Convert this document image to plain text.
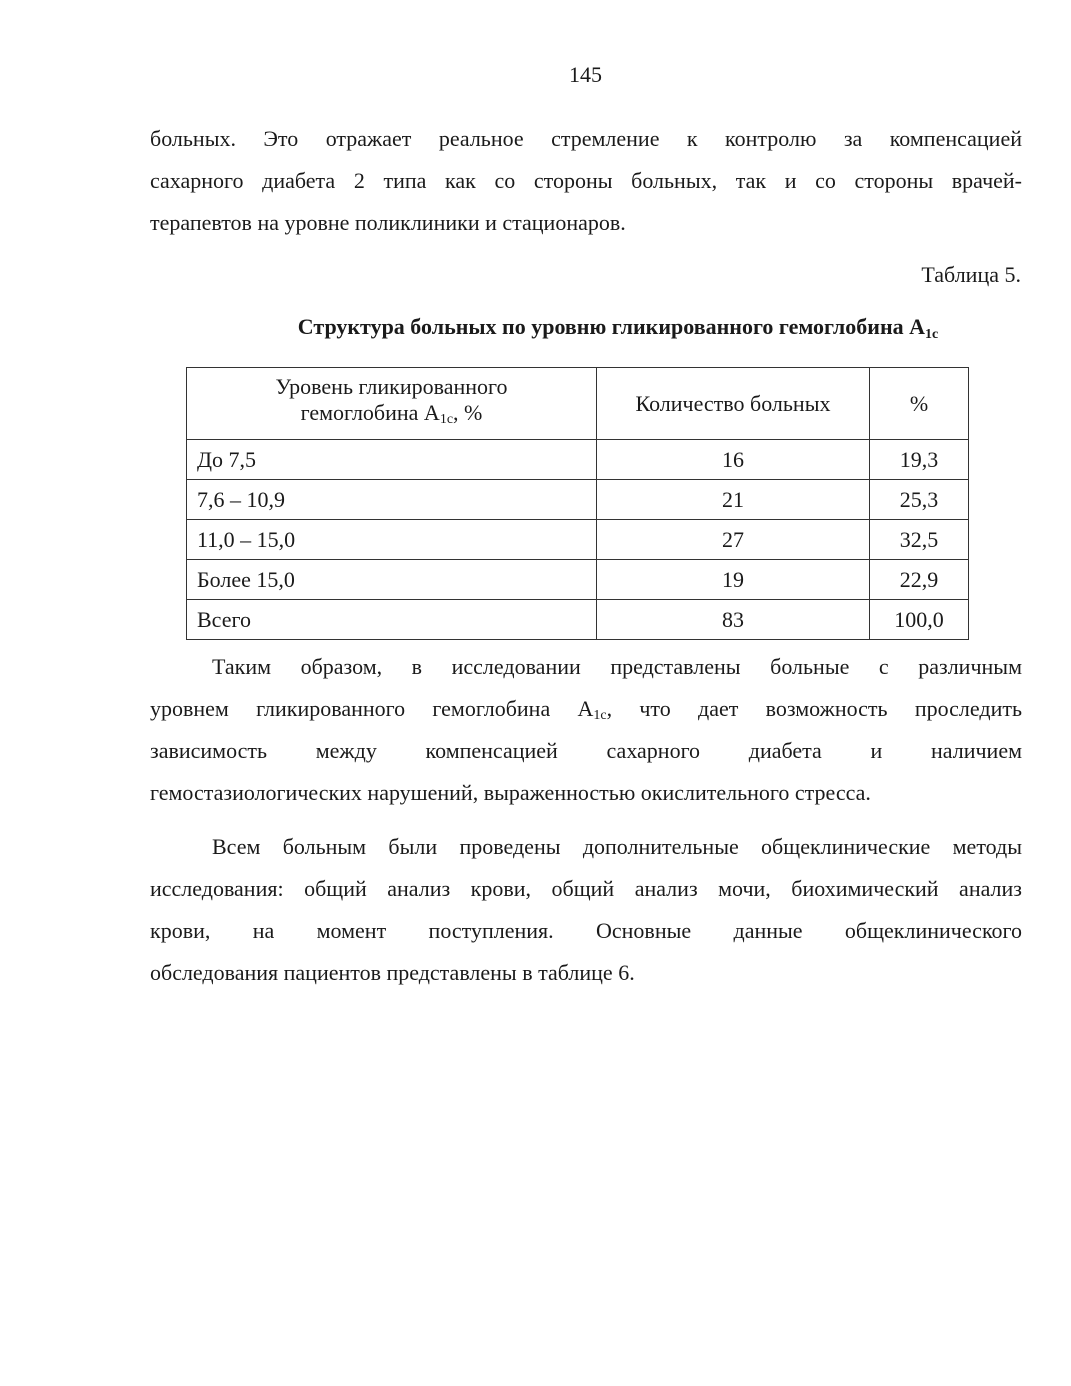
145
больных. Это отражает реальное стремление к контролю за компенсацией
сахарного диабета 2 типа как со стороны больных, так и со стороны врачей-
терапевтов на уровне поликлиники и стационаров.
Таблица 5.
Структура больных по уровню гликированного гемоглобина $А_{1c}$
Уровень гликированного
гемоглобина $А_{1c}$, %	Количество больных	%
До 7,5	16	19,3
7,6 – 10,9	21	25,3
11,0 – 15,0	27	32,5
Более 15,0	19	22,9
Всего	83	100,0
Таким образом, в исследовании представлены больные с различным
уровнем гликированного гемоглобина $А_{1c}$, что дает возможность проследить
зависимость между компенсацией сахарного диабета и наличием
гемостазиологических нарушений, выраженностью окислительного стресса.
Всем больным были проведены дополнительные общеклинические методы
исследования: общий анализ крови, общий анализ мочи, биохимический анализ
крови, на момент поступления. Основные данные общеклинического
обследования пациентов представлены в таблице 6.
